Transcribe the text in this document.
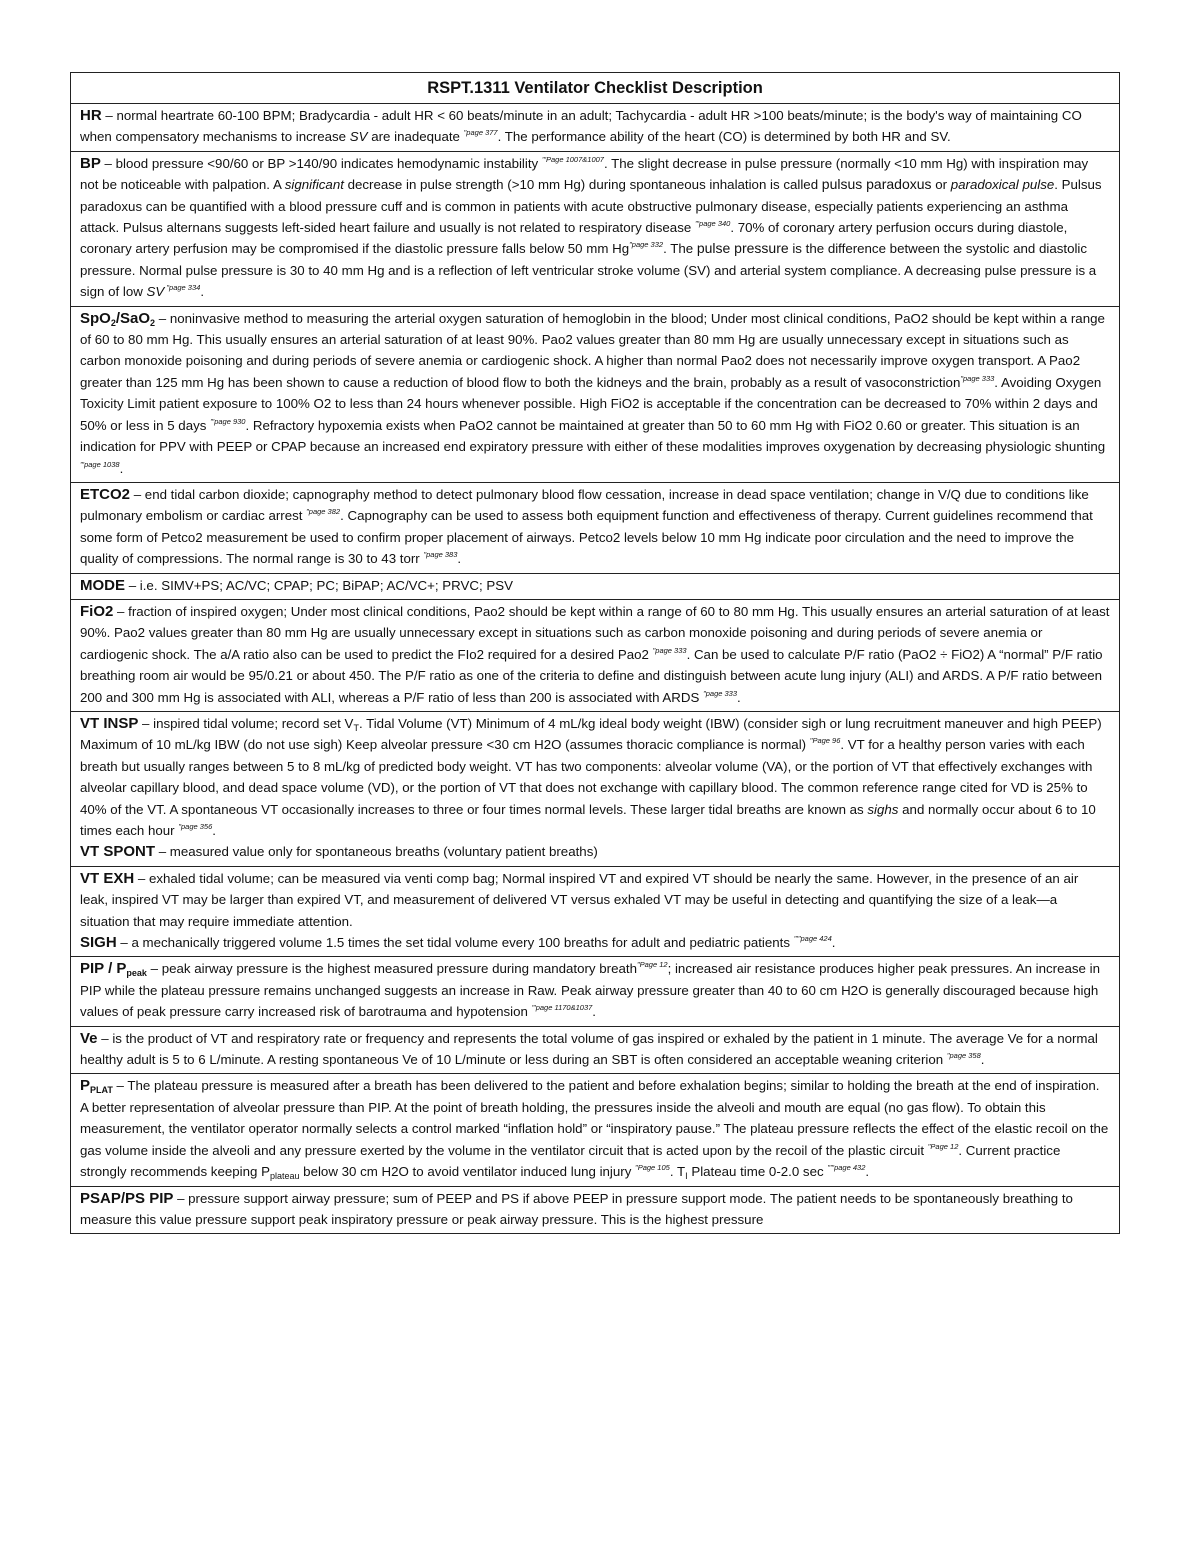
RSPT.1311 Ventilator Checklist Description
HR – normal heartrate 60-100 BPM; Bradycardia - adult HR < 60 beats/minute in an adult; Tachycardia - adult HR >100 beats/minute; is the body's way of maintaining CO when compensatory mechanisms to increase SV are inadequate $^{"page 377}$. The performance ability of the heart (CO) is determined by both HR and SV.
BP – blood pressure <90/60 or BP >140/90 indicates hemodynamic instability $^{'"Page 1007\&1007}$. The slight decrease in pulse pressure (normally <10 mm Hg) with inspiration may not be noticeable with palpation. A significant decrease in pulse strength (>10 mm Hg) during spontaneous inhalation is called pulsus paradoxus or paradoxical pulse. Pulsus paradoxus can be quantified with a blood pressure cuff and is common in patients with acute obstructive pulmonary disease, especially patients experiencing an asthma attack. Pulsus alternans suggests left-sided heart failure and usually is not related to respiratory disease $^{'"page 340}$. 70% of coronary artery perfusion occurs during diastole, coronary artery perfusion may be compromised if the diastolic pressure falls below 50 mm $Hg^{"page 332}$. The pulse pressure is the difference between the systolic and diastolic pressure. Normal pulse pressure is 30 to 40 mm Hg and is a reflection of left ventricular stroke volume (SV) and arterial system compliance. A decreasing pulse pressure is a sign of low SV $^{"page 334}$.
SpO$_2$/SaO$_2$ – noninvasive method to measuring the arterial oxygen saturation of hemoglobin in the blood; Under most clinical conditions, PaO2 should be kept within a range of 60 to 80 mm Hg. This usually ensures an arterial saturation of at least 90%. Pao2 values greater than 80 mm Hg are usually unnecessary except in situations such as carbon monoxide poisoning and during periods of severe anemia or cardiogenic shock. A higher than normal Pao2 does not necessarily improve oxygen transport. A Pao2 greater than 125 mm Hg has been shown to cause a reduction of blood flow to both the kidneys and the brain, probably as a result of vasoconstriction$^{"page 333}$. Avoiding Oxygen Toxicity Limit patient exposure to 100% O2 to less than 24 hours whenever possible. High FiO2 is acceptable if the concentration can be decreased to 70% within 2 days and 50% or less in 5 days $^{'"page 930}$. Refractory hypoxemia exists when PaO2 cannot be maintained at greater than 50 to 60 mm Hg with FiO2 0.60 or greater. This situation is an indication for PPV with PEEP or CPAP because an increased end expiratory pressure with either of these modalities improves oxygenation by decreasing physiologic shunting $^{'"page 1038}$.
ETCO2 – end tidal carbon dioxide; capnography method to detect pulmonary blood flow cessation, increase in dead space ventilation; change in V/Q due to conditions like pulmonary embolism or cardiac arrest $^{"page 382}$. Capnography can be used to assess both equipment function and effectiveness of therapy. Current guidelines recommend that some form of Petco2 measurement be used to confirm proper placement of airways. Petco2 levels below 10 mm Hg indicate poor circulation and the need to improve the quality of compressions. The normal range is 30 to 43 torr $^{"page 383}$.
MODE – i.e. SIMV+PS; AC/VC; CPAP; PC; BiPAP; AC/VC+; PRVC; PSV
FiO2 – fraction of inspired oxygen; Under most clinical conditions, Pao2 should be kept within a range of 60 to 80 mm Hg. This usually ensures an arterial saturation of at least 90%. Pao2 values greater than 80 mm Hg are usually unnecessary except in situations such as carbon monoxide poisoning and during periods of severe anemia or cardiogenic shock. The a/A ratio also can be used to predict the FIo2 required for a desired Pao2 $^{"page 333}$. Can be used to calculate P/F ratio (PaO2 ÷ FiO2) A “normal” P/F ratio breathing room air would be 95/0.21 or about 450. The P/F ratio as one of the criteria to define and distinguish between acute lung injury (ALI) and ARDS. A P/F ratio between 200 and 300 mm Hg is associated with ALI, whereas a P/F ratio of less than 200 is associated with ARDS $^{"page 333}$.

VT INSP – inspired tidal volume; record set $V_T$. Tidal Volume (VT) Minimum of 4 mL/kg ideal body weight (IBW) (consider sigh or lung recruitment maneuver and high PEEP) Maximum of 10 mL/kg IBW (do not use sigh) Keep alveolar pressure <30 cm H2O (assumes thoracic compliance is normal) $^{"Page 96}$. VT for a healthy person varies with each breath but usually ranges between 5 to 8 mL/kg of predicted body weight. VT has two components: alveolar volume (VA), or the portion of VT that effectively exchanges with alveolar capillary blood, and dead space volume (VD), or the portion of VT that does not exchange with capillary blood. The common reference range cited for VD is 25% to 40% of the VT. A spontaneous VT occasionally increases to three or four times normal levels. These larger tidal breaths are known as sighs and normally occur about 6 to 10 times each hour $^{"page 356}$.
VT SPONT – measured value only for spontaneous breaths (voluntary patient breaths)

VT EXH – exhaled tidal volume; can be measured via venti comp bag; Normal inspired VT and expired VT should be nearly the same. However, in the presence of an air leak, inspired VT may be larger than expired VT, and measurement of delivered VT versus exhaled VT may be useful in detecting and quantifying the size of a leak—a situation that may require immediate attention.
SIGH – a mechanically triggered volume 1.5 times the set tidal volume every 100 breaths for adult and pediatric patients $^{'""page 424}$.

PIP / $P_{peak}$ – peak airway pressure is the highest measured pressure during mandatory breath$^{"Page 12}$; increased air resistance produces higher peak pressures. An increase in PIP while the plateau pressure remains unchanged suggests an increase in Raw. Peak airway pressure greater than 40 to 60 cm H2O is generally discouraged because high values of peak pressure carry increased risk of barotrauma and hypotension $^{'"page 1170\&1037}$.
Ve – is the product of VT and respiratory rate or frequency and represents the total volume of gas inspired or exhaled by the patient in 1 minute. The average Ve for a normal healthy adult is 5 to 6 L/minute. A resting spontaneous Ve of 10 L/minute or less during an SBT is often considered an acceptable weaning criterion $^{"page 358}$.
$P_{PLAT}$ – The plateau pressure is measured after a breath has been delivered to the patient and before exhalation begins; similar to holding the breath at the end of inspiration. A better representation of alveolar pressure than PIP. At the point of breath holding, the pressures inside the alveoli and mouth are equal (no gas flow). To obtain this measurement, the ventilator operator normally selects a control marked “inflation hold” or “inspiratory pause.” The plateau pressure reflects the effect of the elastic recoil on the gas volume inside the alveoli and any pressure exerted by the volume in the ventilator circuit that is acted upon by the recoil of the plastic circuit $^{"Page 12}$. Current practice strongly recommends keeping $P_{plateau}$ below 30 cm H2O to avoid ventilator induced lung injury $^{"Page 105}$. $T_I$ Plateau time 0-2.0 sec $^{'""page 432}$.
PSAP/PS PIP – pressure support airway pressure; sum of PEEP and PS if above PEEP in pressure support mode. The patient needs to be spontaneously breathing to measure this value pressure support peak inspiratory pressure or peak airway pressure. This is the highest pressure
